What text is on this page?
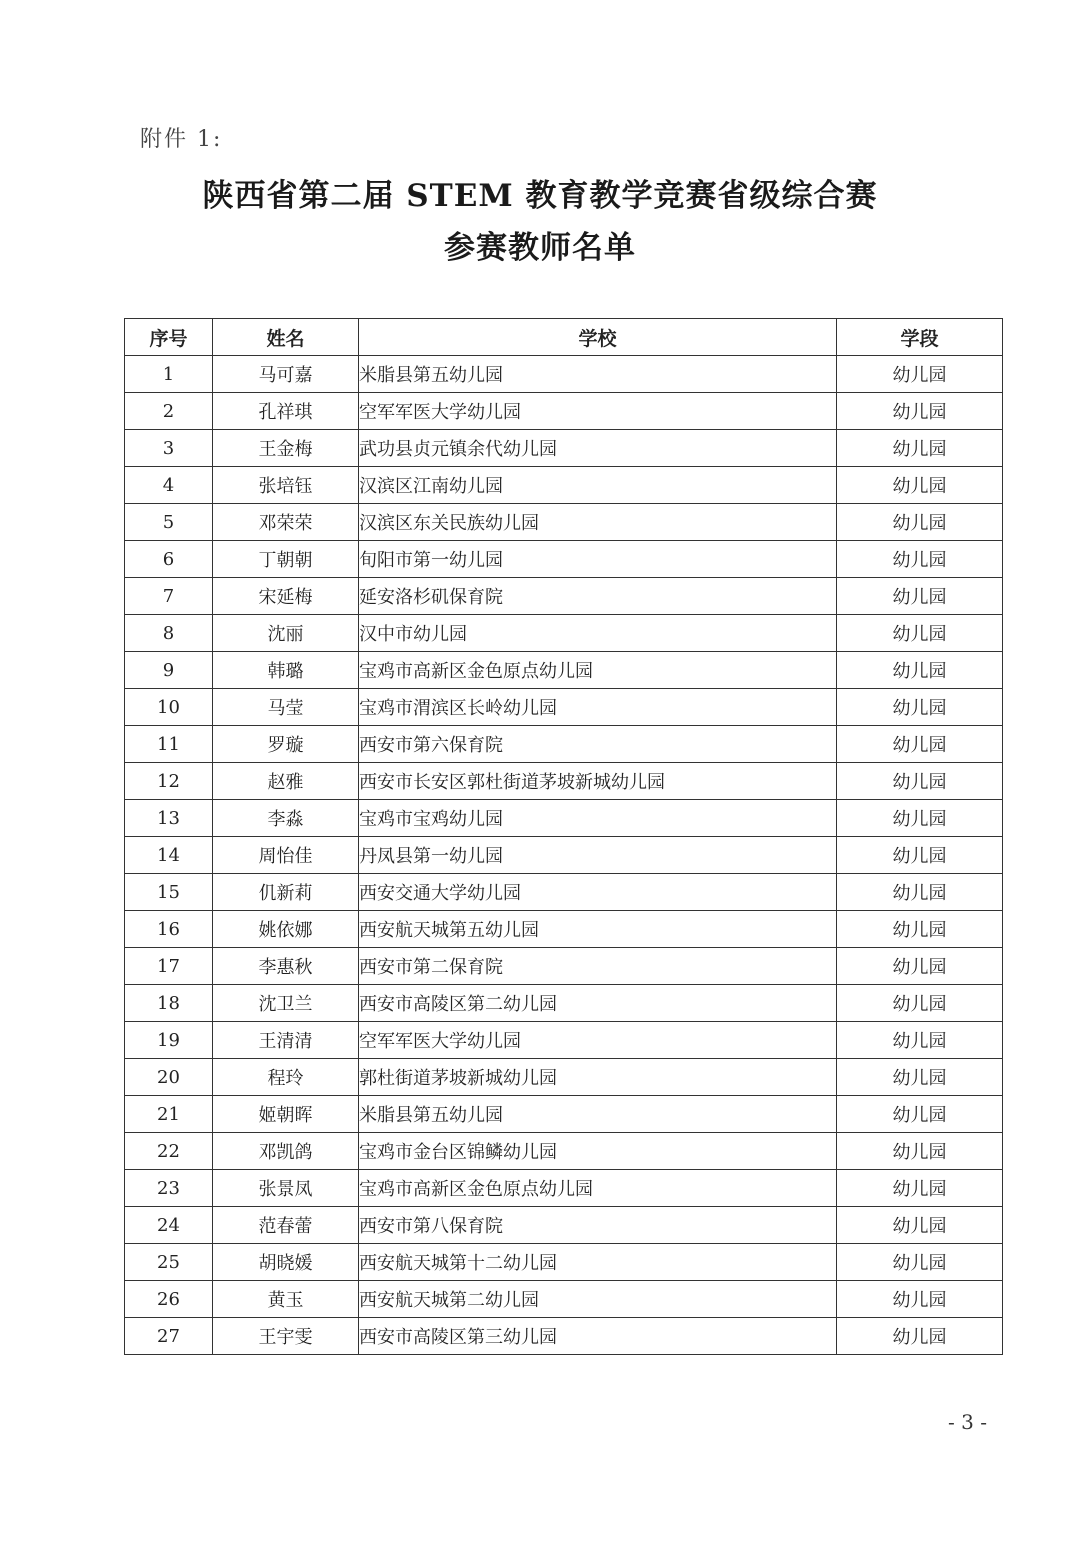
附件 1:
陕西省第二届 STEM 教育教学竞赛省级综合赛
参赛教师名单
序号	姓名	学校	学段
1	马可嘉	米脂县第五幼儿园	幼儿园
2	孔祥琪	空军军医大学幼儿园	幼儿园
3	王金梅	武功县贞元镇余代幼儿园	幼儿园
4	张培钰	汉滨区江南幼儿园	幼儿园
5	邓荣荣	汉滨区东关民族幼儿园	幼儿园
6	丁朝朝	旬阳市第一幼儿园	幼儿园
7	宋延梅	延安洛杉矶保育院	幼儿园
8	沈丽	汉中市幼儿园	幼儿园
9	韩璐	宝鸡市高新区金色原点幼儿园	幼儿园
10	马莹	宝鸡市渭滨区长岭幼儿园	幼儿园
11	罗璇	西安市第六保育院	幼儿园
12	赵雅	西安市长安区郭杜街道茅坡新城幼儿园	幼儿园
13	李淼	宝鸡市宝鸡幼儿园	幼儿园
14	周怡佳	丹凤县第一幼儿园	幼儿园
15	仉新莉	西安交通大学幼儿园	幼儿园
16	姚依娜	西安航天城第五幼儿园	幼儿园
17	李惠秋	西安市第二保育院	幼儿园
18	沈卫兰	西安市高陵区第二幼儿园	幼儿园
19	王清清	空军军医大学幼儿园	幼儿园
20	程玲	郭杜街道茅坡新城幼儿园	幼儿园
21	姬朝晖	米脂县第五幼儿园	幼儿园
22	邓凯鸽	宝鸡市金台区锦鳞幼儿园	幼儿园
23	张景凤	宝鸡市高新区金色原点幼儿园	幼儿园
24	范春蕾	西安市第八保育院	幼儿园
25	胡晓媛	西安航天城第十二幼儿园	幼儿园
26	黄玉	西安航天城第二幼儿园	幼儿园
27	王宇雯	西安市高陵区第三幼儿园	幼儿园
- 3 -
